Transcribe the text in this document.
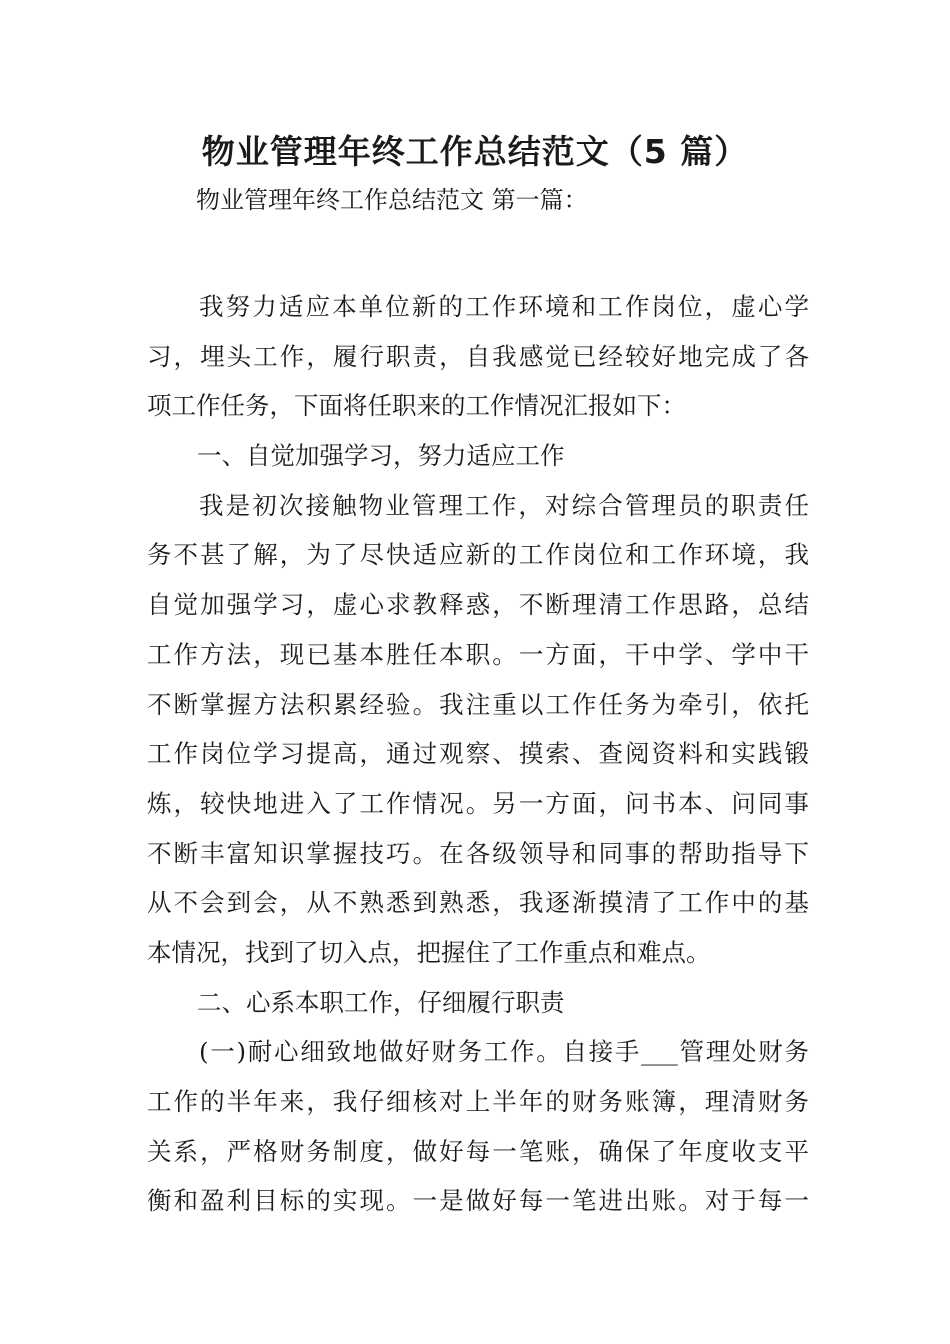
物业管理年终工作总结范文（5 篇）

物业管理年终工作总结范文 第一篇：

我努力适应本单位新的工作环境和工作岗位，虚心学

习，埋头工作，履行职责，自我感觉已经较好地完成了各

项工作任务，下面将任职来的工作情况汇报如下：

一、自觉加强学习，努力适应工作

我是初次接触物业管理工作，对综合管理员的职责任

务不甚了解，为了尽快适应新的工作岗位和工作环境，我

自觉加强学习，虚心求教释惑，不断理清工作思路，总结

工作方法，现已基本胜任本职。一方面，干中学、学中干

不断掌握方法积累经验。我注重以工作任务为牵引，依托

工作岗位学习提高，通过观察、摸索、查阅资料和实践锻

炼，较快地进入了工作情况。另一方面，问书本、问同事

不断丰富知识掌握技巧。在各级领导和同事的帮助指导下

从不会到会，从不熟悉到熟悉，我逐渐摸清了工作中的基

本情况，找到了切入点，把握住了工作重点和难点。

二、心系本职工作，仔细履行职责

(一)耐心细致地做好财务工作。自接手___管理处财务

工作的半年来，我仔细核对上半年的财务账簿，理清财务

关系，严格财务制度，做好每一笔账，确保了年度收支平

衡和盈利目标的实现。一是做好每一笔进出账。对于每一
